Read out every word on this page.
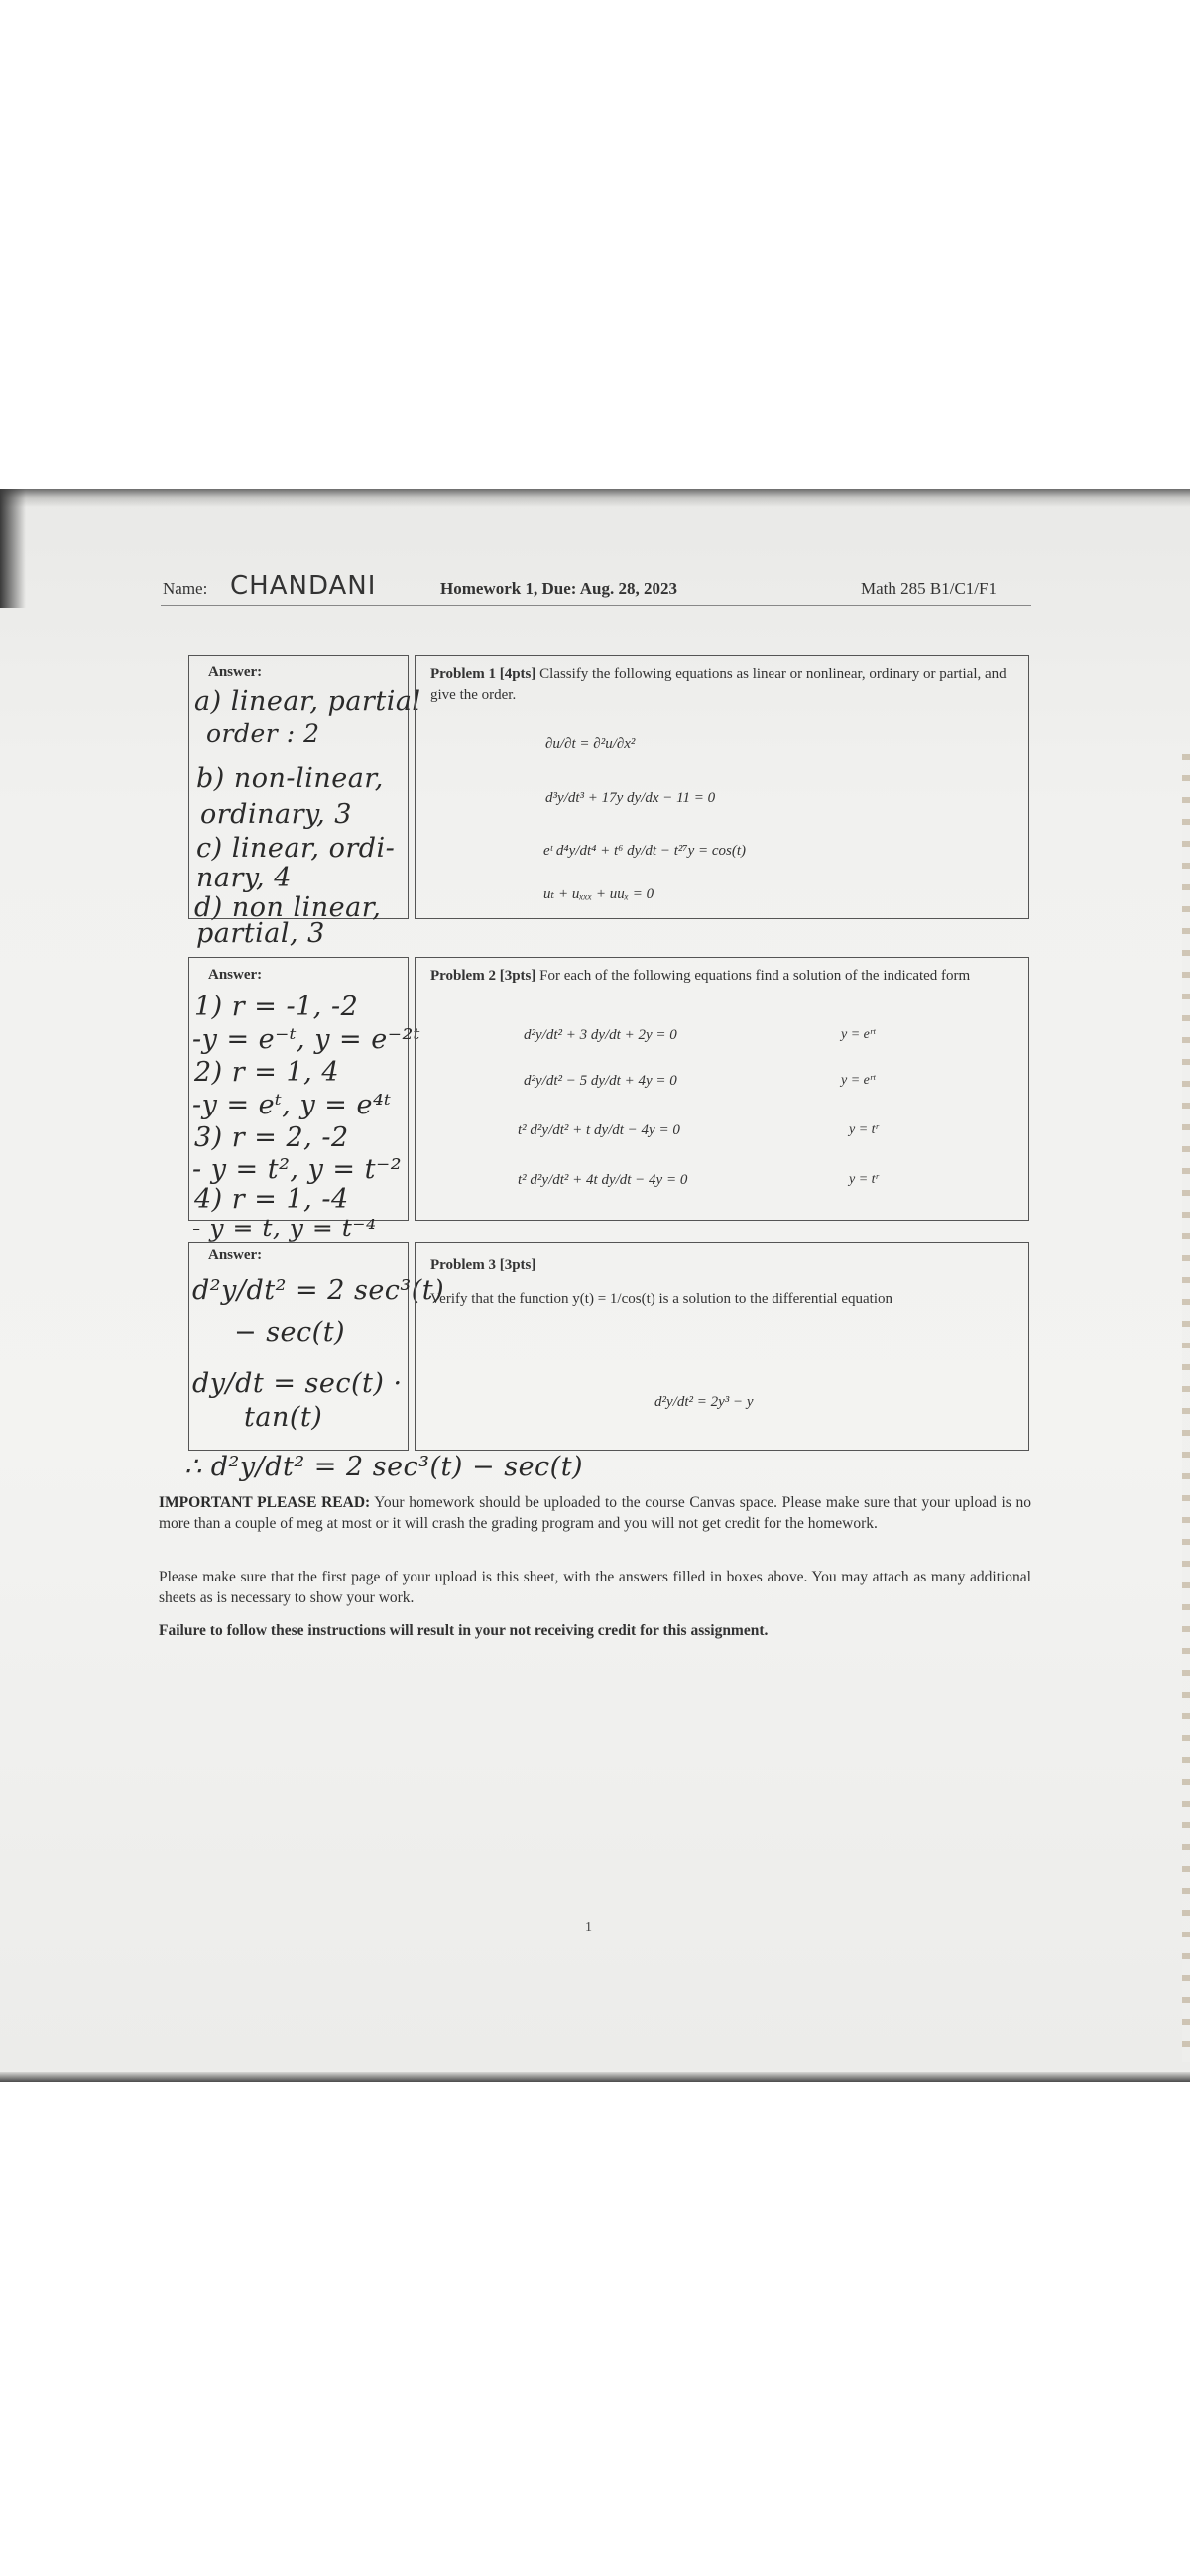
Name: CHANDANI	Homework 1, Due: Aug. 28, 2023	Math 285 B1/C1/F1
Answer:
a) linear, partial
order : 2
b) non-linear,
ordinary, 3
c) linear, ordi-
nary, 4
d) non linear,
partial, 3
Problem 1 [4pts] Classify the following equations as linear or nonlinear, ordinary or partial, and give the order.
∂u/∂t = ∂²u/∂x²
d³y/dt³ + 17y dy/dx − 11 = 0
eᵗ d⁴y/dt⁴ + t⁶ dy/dt − t²⁷y = cos(t)
uₜ + uₓₓₓ + uuₓ = 0
Answer:
1) r = -1, -2
-y = e⁻ᵗ, y = e⁻²ᵗ
2) r = 1, 4
-y = eᵗ, y = e⁴ᵗ
3) r = 2, -2
- y = t², y = t⁻²
4) r = 1, -4
- y = t, y = t⁻⁴
Problem 2 [3pts] For each of the following equations find a solution of the indicated form
d²y/dt² + 3 dy/dt + 2y = 0
d²y/dt² − 5 dy/dt + 4y = 0
t² d²y/dt² + t dy/dt − 4y = 0
t² d²y/dt² + 4t dy/dt − 4y = 0
y = eʳᵗ
y = eʳᵗ
y = tʳ
y = tʳ
Answer:
d²y/dt² = 2 sec³(t)
− sec(t)
dy/dt = sec(t) ·
tan(t)
Problem 3 [3pts]
Verify that the function y(t) = 1/cos(t) is a solution to the differential equation
d²y/dt² = 2y³ − y
∴ d²y/dt² = 2 sec³(t) − sec(t)
IMPORTANT PLEASE READ: Your homework should be uploaded to the course Canvas space. Please make sure that your upload is no more than a couple of meg at most or it will crash the grading program and you will not get credit for the homework.
Please make sure that the first page of your upload is this sheet, with the answers filled in boxes above. You may attach as many additional sheets as is necessary to show your work.
Failure to follow these instructions will result in your not receiving credit for this assignment.
1
